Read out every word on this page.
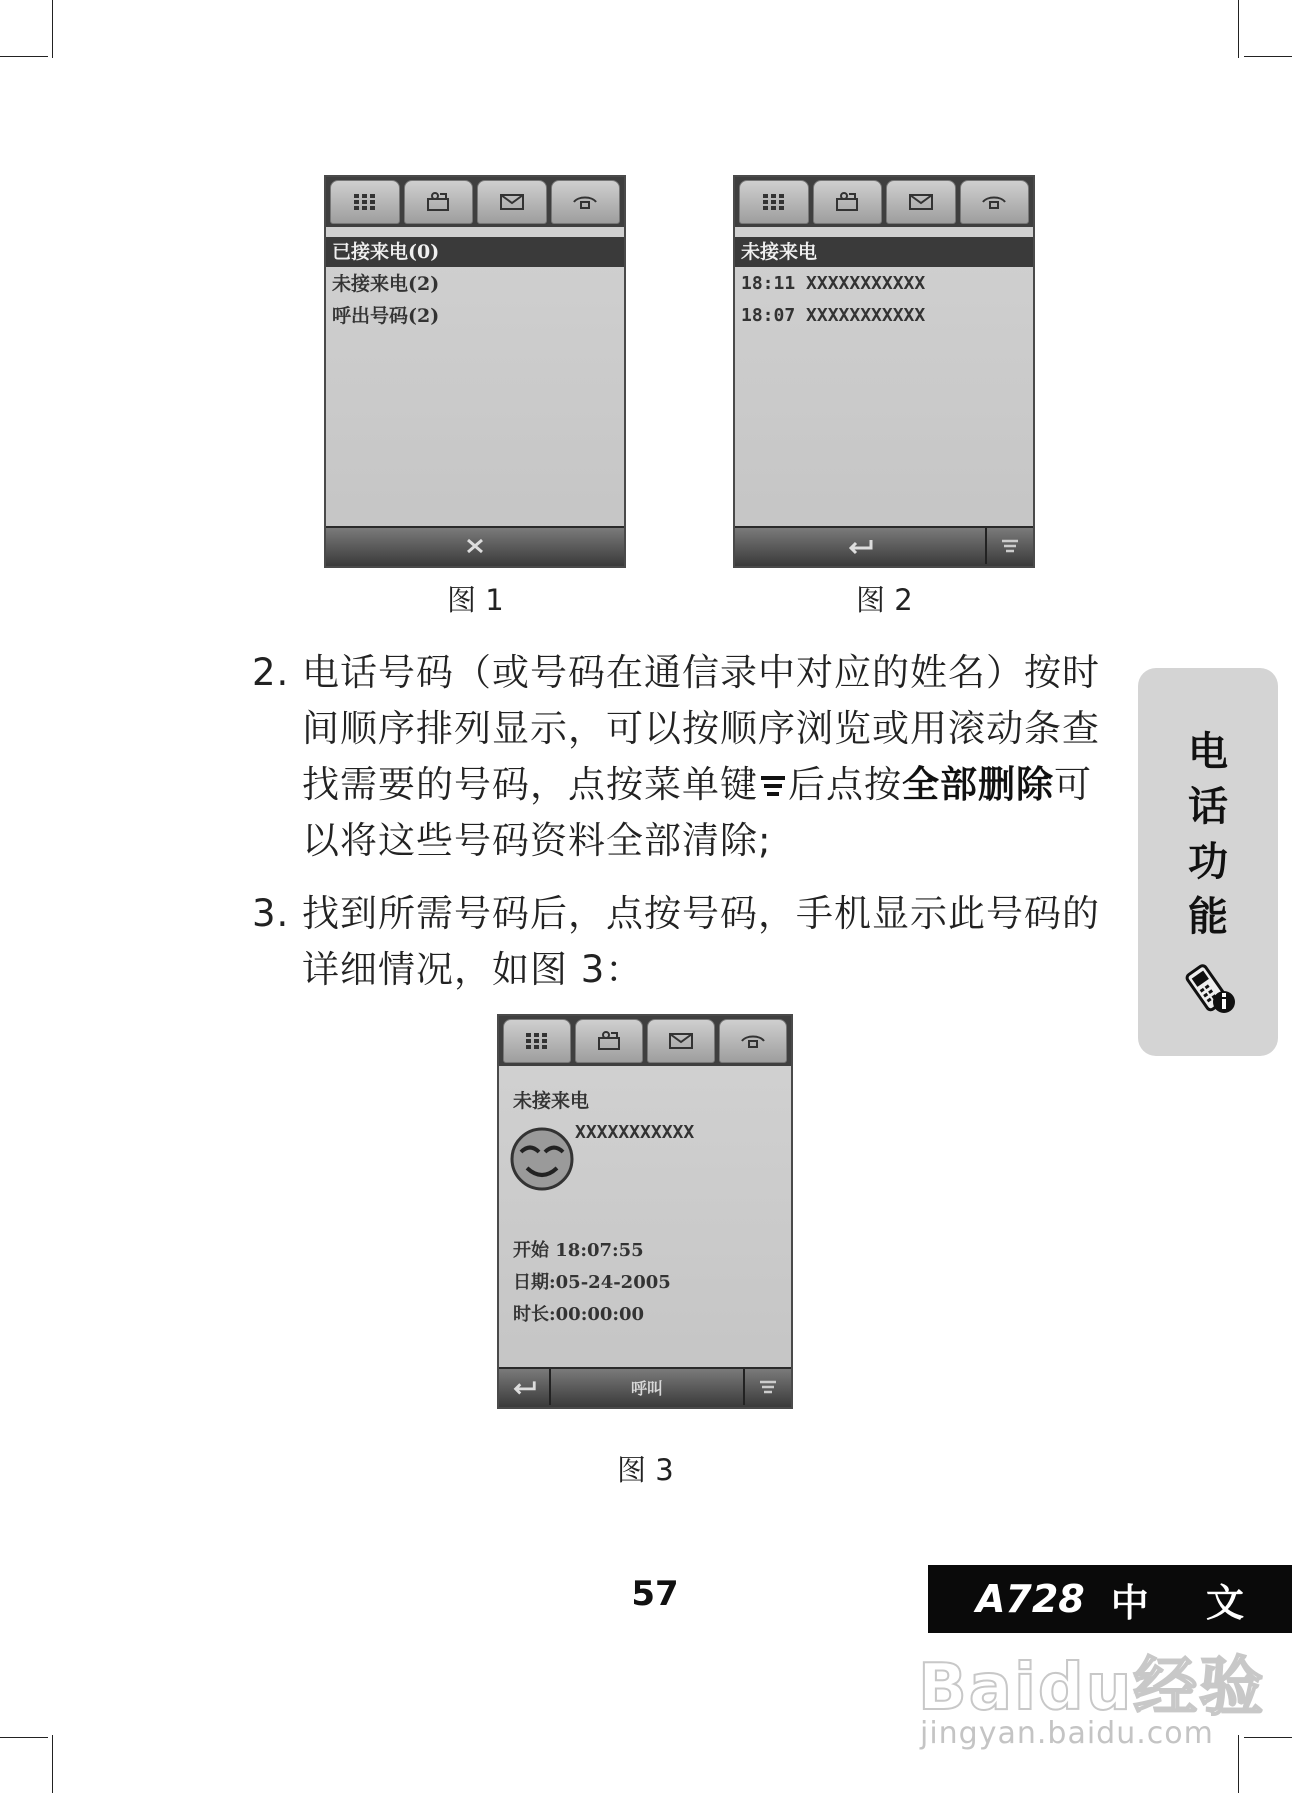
已接来电(0)
未接来电(2)
呼出号码(2)
图 1
未接来电
18:11 XXXXXXXXXXX
18:07 XXXXXXXXXXX
图 2
2. 电话号码（或号码在通信录中对应的姓名）按时间顺序排列显示，可以按顺序浏览或用滚动条查找需要的号码，点按菜单键 后点按全部删除可以将这些号码资料全部清除;
3. 找到所需号码后，点按号码，手机显示此号码的详细情况，如图 3：
未接来电
XXXXXXXXXXX
开始 18:07:55
日期:05-24-2005
时长:00:00:00
呼叫
图 3
电
话
功
能
57	A728 中 文
Baidu经验
jingyan.baidu.com
